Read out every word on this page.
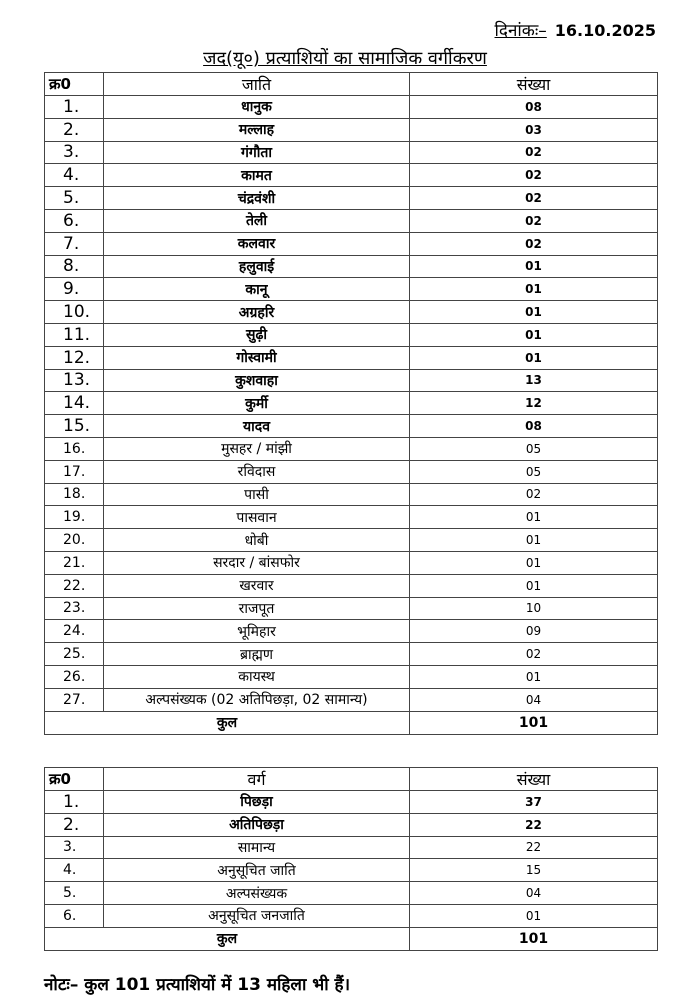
दिनांकः– 16.10.2025
जद(यू०) प्रत्याशियों का सामाजिक वर्गीकरण
क्र0	जाति	संख्या
1.	धानुक	08
2.	मल्लाह	03
3.	गंगौता	02
4.	कामत	02
5.	चंद्रवंशी	02
6.	तेली	02
7.	कलवार	02
8.	हलुवाई	01
9.	कानू	01
10.	अग्रहरि	01
11.	सुढ़ी	01
12.	गोस्वामी	01
13.	कुशवाहा	13
14.	कुर्मी	12
15.	यादव	08
16.	मुसहर / मांझी	05
17.	रविदास	05
18.	पासी	02
19.	पासवान	01
20.	धोबी	01
21.	सरदार / बांसफोर	01
22.	खरवार	01
23.	राजपूत	10
24.	भूमिहार	09
25.	ब्राह्मण	02
26.	कायस्थ	01
27.	अल्पसंख्यक (02 अतिपिछड़ा, 02 सामान्य)	04
कुल		101
क्र0	वर्ग	संख्या
1.	पिछड़ा	37
2.	अतिपिछड़ा	22
3.	सामान्य	22
4.	अनुसूचित जाति	15
5.	अल्पसंख्यक	04
6.	अनुसूचित जनजाति	01
कुल		101
नोटः– कुल 101 प्रत्याशियों में 13 महिला भी हैं।
